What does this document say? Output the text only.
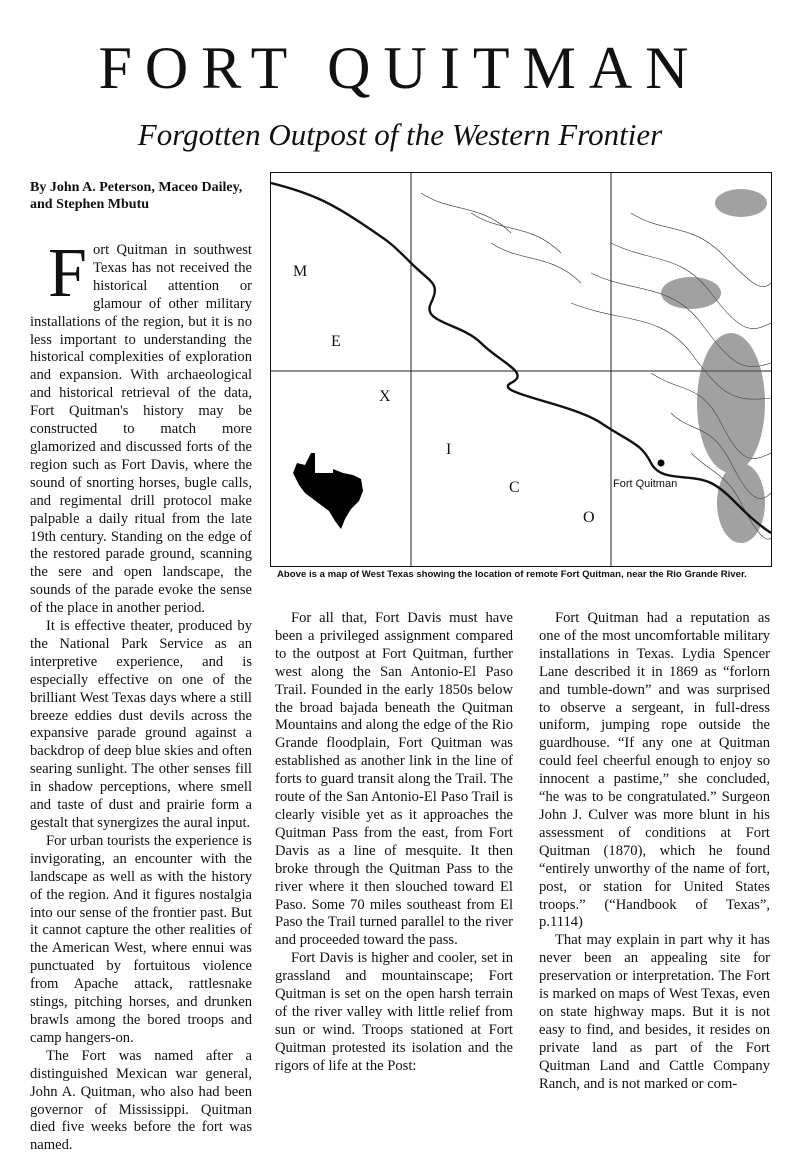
FORT QUITMAN
Forgotten Outpost of the Western Frontier
By John A. Peterson, Maceo Dailey, and Stephen Mbutu

Fort Quitman in southwest Texas has not received the historical attention or glamour of other military installations of the region, but it is no less important to understanding the historical complexities of exploration and expansion. With archaeological and historical retrieval of the data, Fort Quitman's history may be constructed to match more glamorized and discussed forts of the region such as Fort Davis, where the sound of snorting horses, bugle calls, and regimental drill protocol make palpable a daily ritual from the late 19th century. Standing on the edge of the restored parade ground, scanning the sere and open landscape, the sounds of the parade evoke the sense of the place in another period.

It is effective theater, produced by the National Park Service as an interpretive experience, and is especially effective on one of the brilliant West Texas days where a still breeze eddies dust devils across the expansive parade ground against a backdrop of deep blue skies and often searing sunlight. The other senses fill in shadow perceptions, where smell and taste of dust and prairie form a gestalt that synergizes the aural input.

For urban tourists the experience is invigorating, an encounter with the landscape as well as with the history of the region. And it figures nostalgia into our sense of the frontier past. But it cannot capture the other realities of the American West, where ennui was punctuated by fortuitous violence from Apache attack, rattlesnake stings, pitching horses, and drunken brawls among the bored troops and camp hangers-on.

The Fort was named after a distinguished Mexican war general, John A. Quitman, who also had been governor of Mississippi. Quitman died five weeks before the fort was named.

Fort Quitman
M
E
X
I
C
O
Above is a map of West Texas showing the location of remote Fort Quitman, near the Rio Grande River.

For all that, Fort Davis must have been a privileged assignment compared to the outpost at Fort Quitman, further west along the San Antonio-El Paso Trail. Founded in the early 1850s below the broad bajada beneath the Quitman Mountains and along the edge of the Rio Grande floodplain, Fort Quitman was established as another link in the line of forts to guard transit along the Trail. The route of the San Antonio-El Paso Trail is clearly visible yet as it approaches the Quitman Pass from the east, from Fort Davis as a line of mesquite. It then broke through the Quitman Pass to the river where it then slouched toward El Paso. Some 70 miles southeast from El Paso the Trail turned parallel to the river and proceeded toward the pass.

Fort Davis is higher and cooler, set in grassland and mountainscape; Fort Quitman is set on the open harsh terrain of the river valley with little relief from sun or wind. Troops stationed at Fort Quitman protested its isolation and the rigors of life at the Post:

Fort Quitman had a reputation as one of the most uncomfortable military installations in Texas. Lydia Spencer Lane described it in 1869 as “forlorn and tumble-down” and was surprised to observe a sergeant, in full-dress uniform, jumping rope outside the guardhouse. “If any one at Quitman could feel cheerful enough to enjoy so innocent a pastime,” she concluded, “he was to be congratulated.” Surgeon John J. Culver was more blunt in his assessment of conditions at Fort Quitman (1870), which he found “entirely unworthy of the name of fort, post, or station for United States troops.” (“Handbook of Texas”, p.1114)

That may explain in part why it has never been an appealing site for preservation or interpretation. The Fort is marked on maps of West Texas, even on state highway maps. But it is not easy to find, and besides, it resides on private land as part of the Fort Quitman Land and Cattle Company Ranch, and is not marked or com-
